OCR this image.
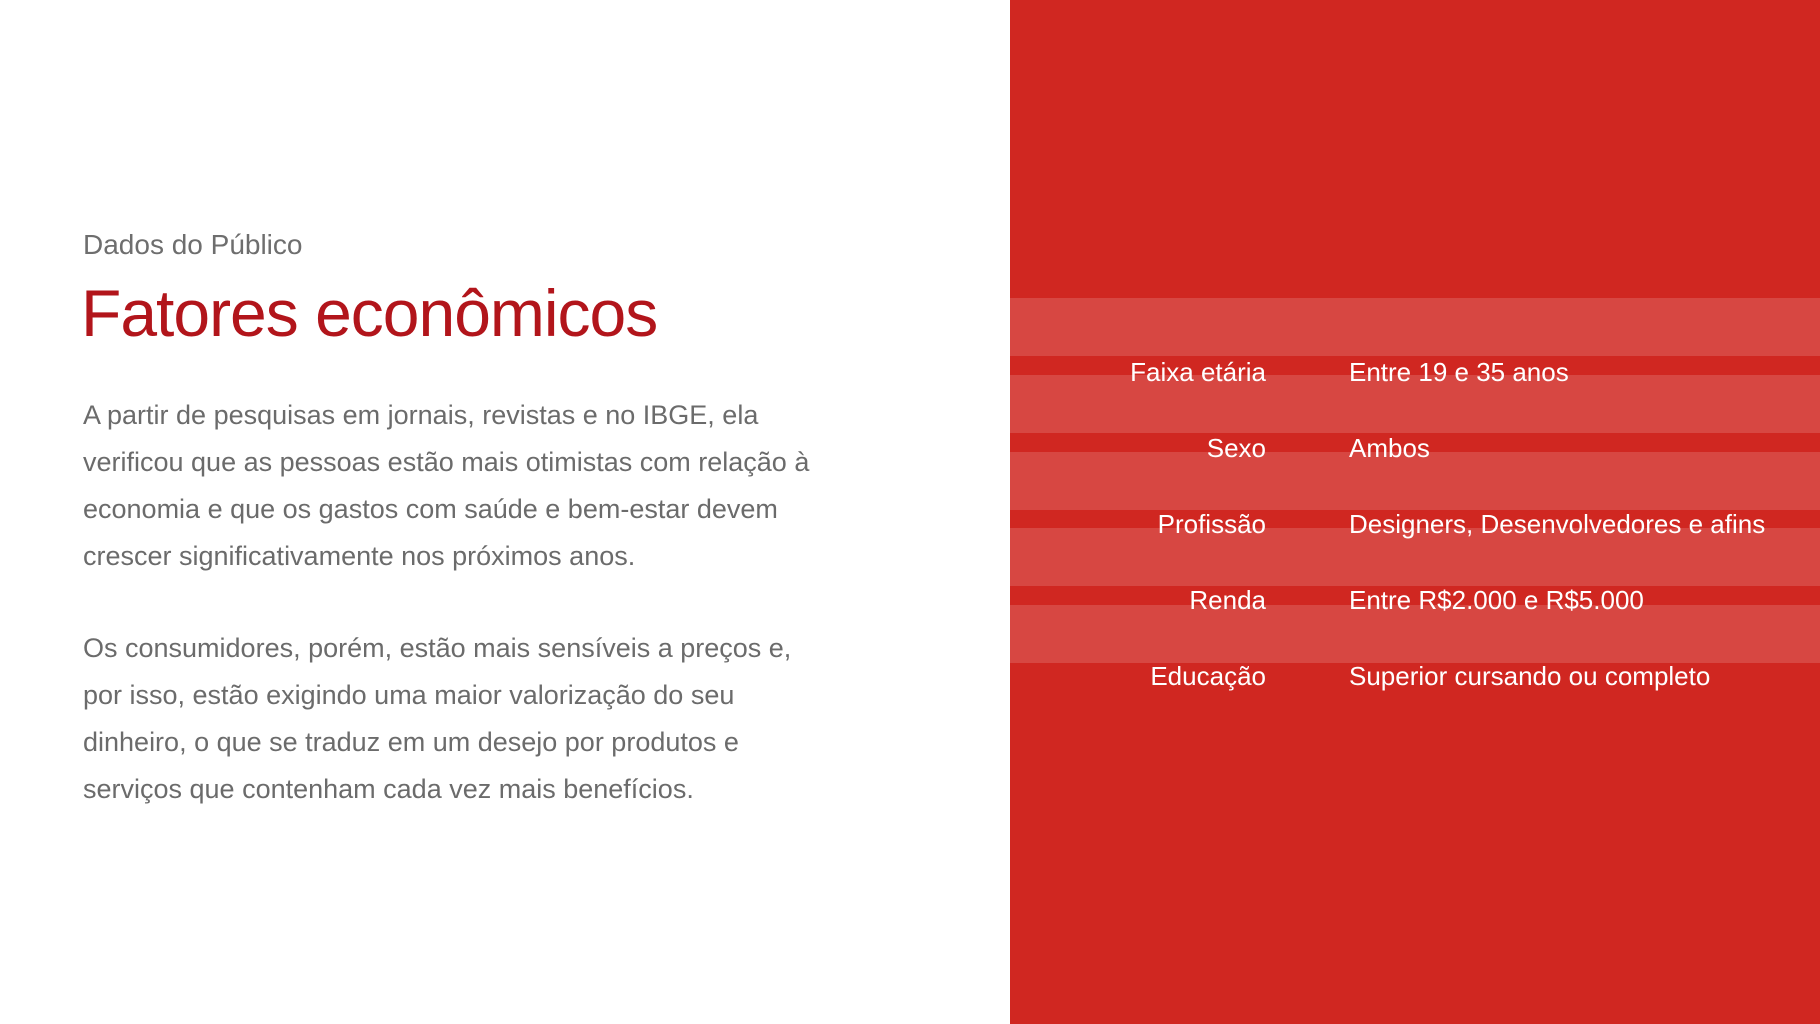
Dados do Público
Fatores econômicos
A partir de pesquisas em jornais, revistas e no IBGE, ela
verificou que as pessoas estão mais otimistas com relação à
economia e que os gastos com saúde e bem-estar devem
crescer significativamente nos próximos anos.
Os consumidores, porém, estão mais sensíveis a preços e,
por isso, estão exigindo uma maior valorização do seu
dinheiro, o que se traduz em um desejo por produtos e
serviços que contenham cada vez mais benefícios.
Faixa etária	Entre 19 e 35 anos
Sexo	Ambos
Profissão	Designers, Desenvolvedores e afins
Renda	Entre R$2.000 e R$5.000
Educação	Superior cursando ou completo
